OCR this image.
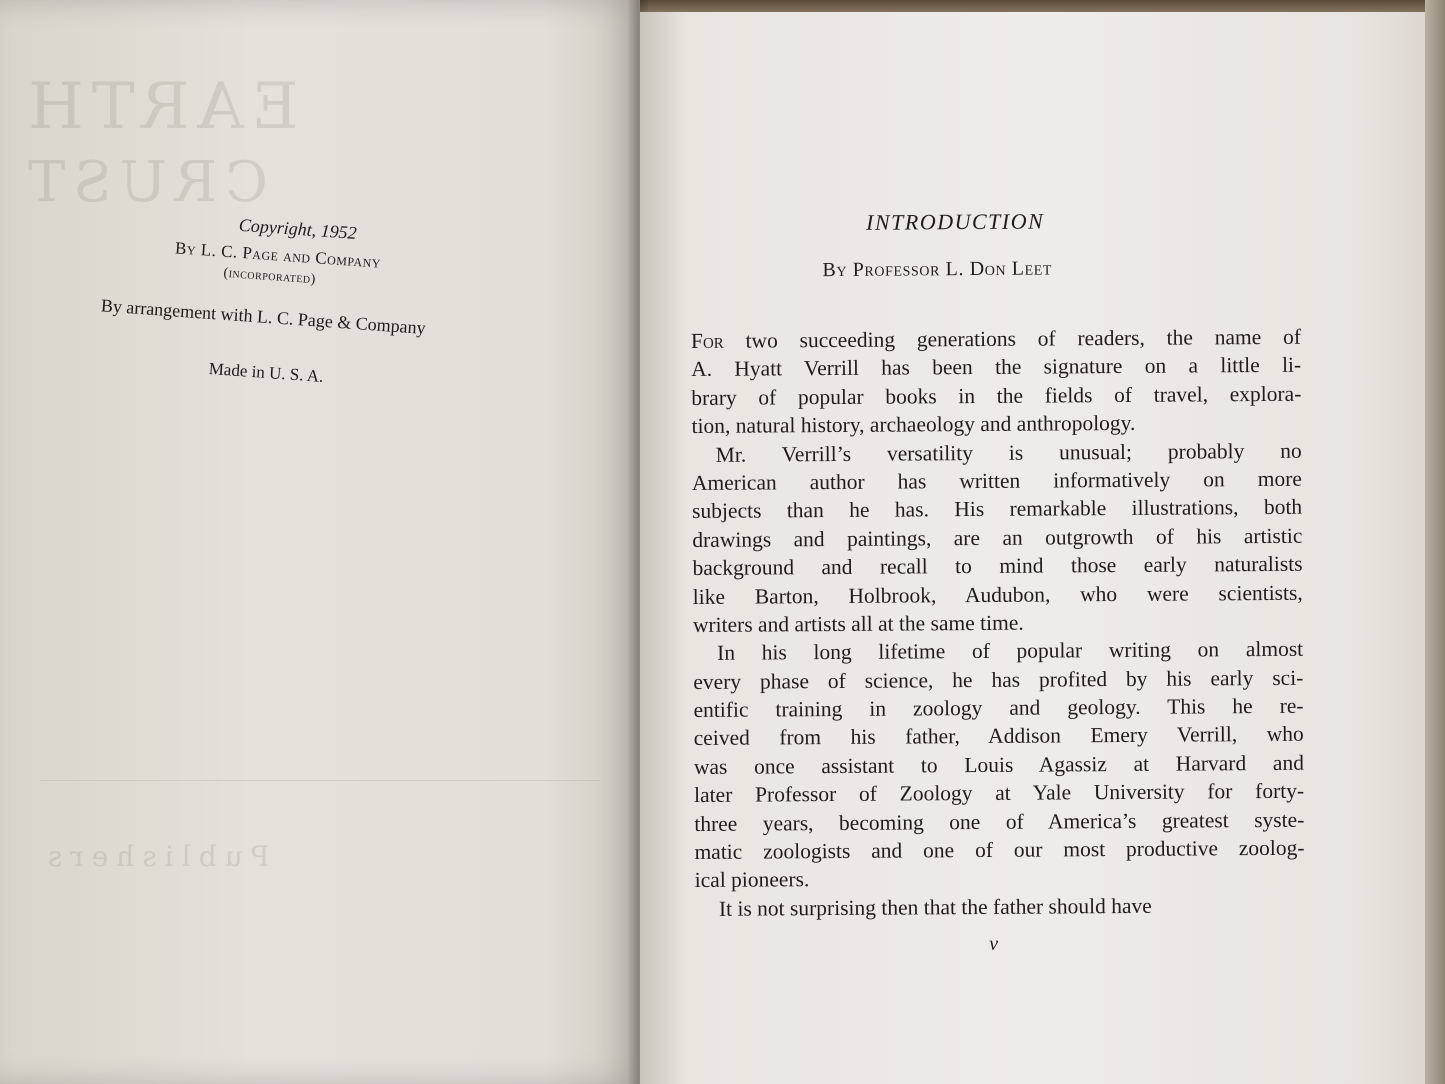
EARTH
CRUST
Publishers
Copyright, 1952
By L. C. Page and Company
(incorporated)
By arrangement with L. C. Page & Company
Made in U. S. A.
INTRODUCTION
By Professor L. Don Leet
For two succeeding generations of readers, the name of
A. Hyatt Verrill has been the signature on a little li-
brary of popular books in the fields of travel, explora-
tion, natural history, archaeology and anthropology.
Mr. Verrill’s versatility is unusual; probably no
American author has written informatively on more
subjects than he has. His remarkable illustrations, both
drawings and paintings, are an outgrowth of his artistic
background and recall to mind those early naturalists
like Barton, Holbrook, Audubon, who were scientists,
writers and artists all at the same time.
In his long lifetime of popular writing on almost
every phase of science, he has profited by his early sci-
entific training in zoology and geology. This he re-
ceived from his father, Addison Emery Verrill, who
was once assistant to Louis Agassiz at Harvard and
later Professor of Zoology at Yale University for forty-
three years, becoming one of America’s greatest syste-
matic zoologists and one of our most productive zoolog-
ical pioneers.
It is not surprising then that the father should have
v
